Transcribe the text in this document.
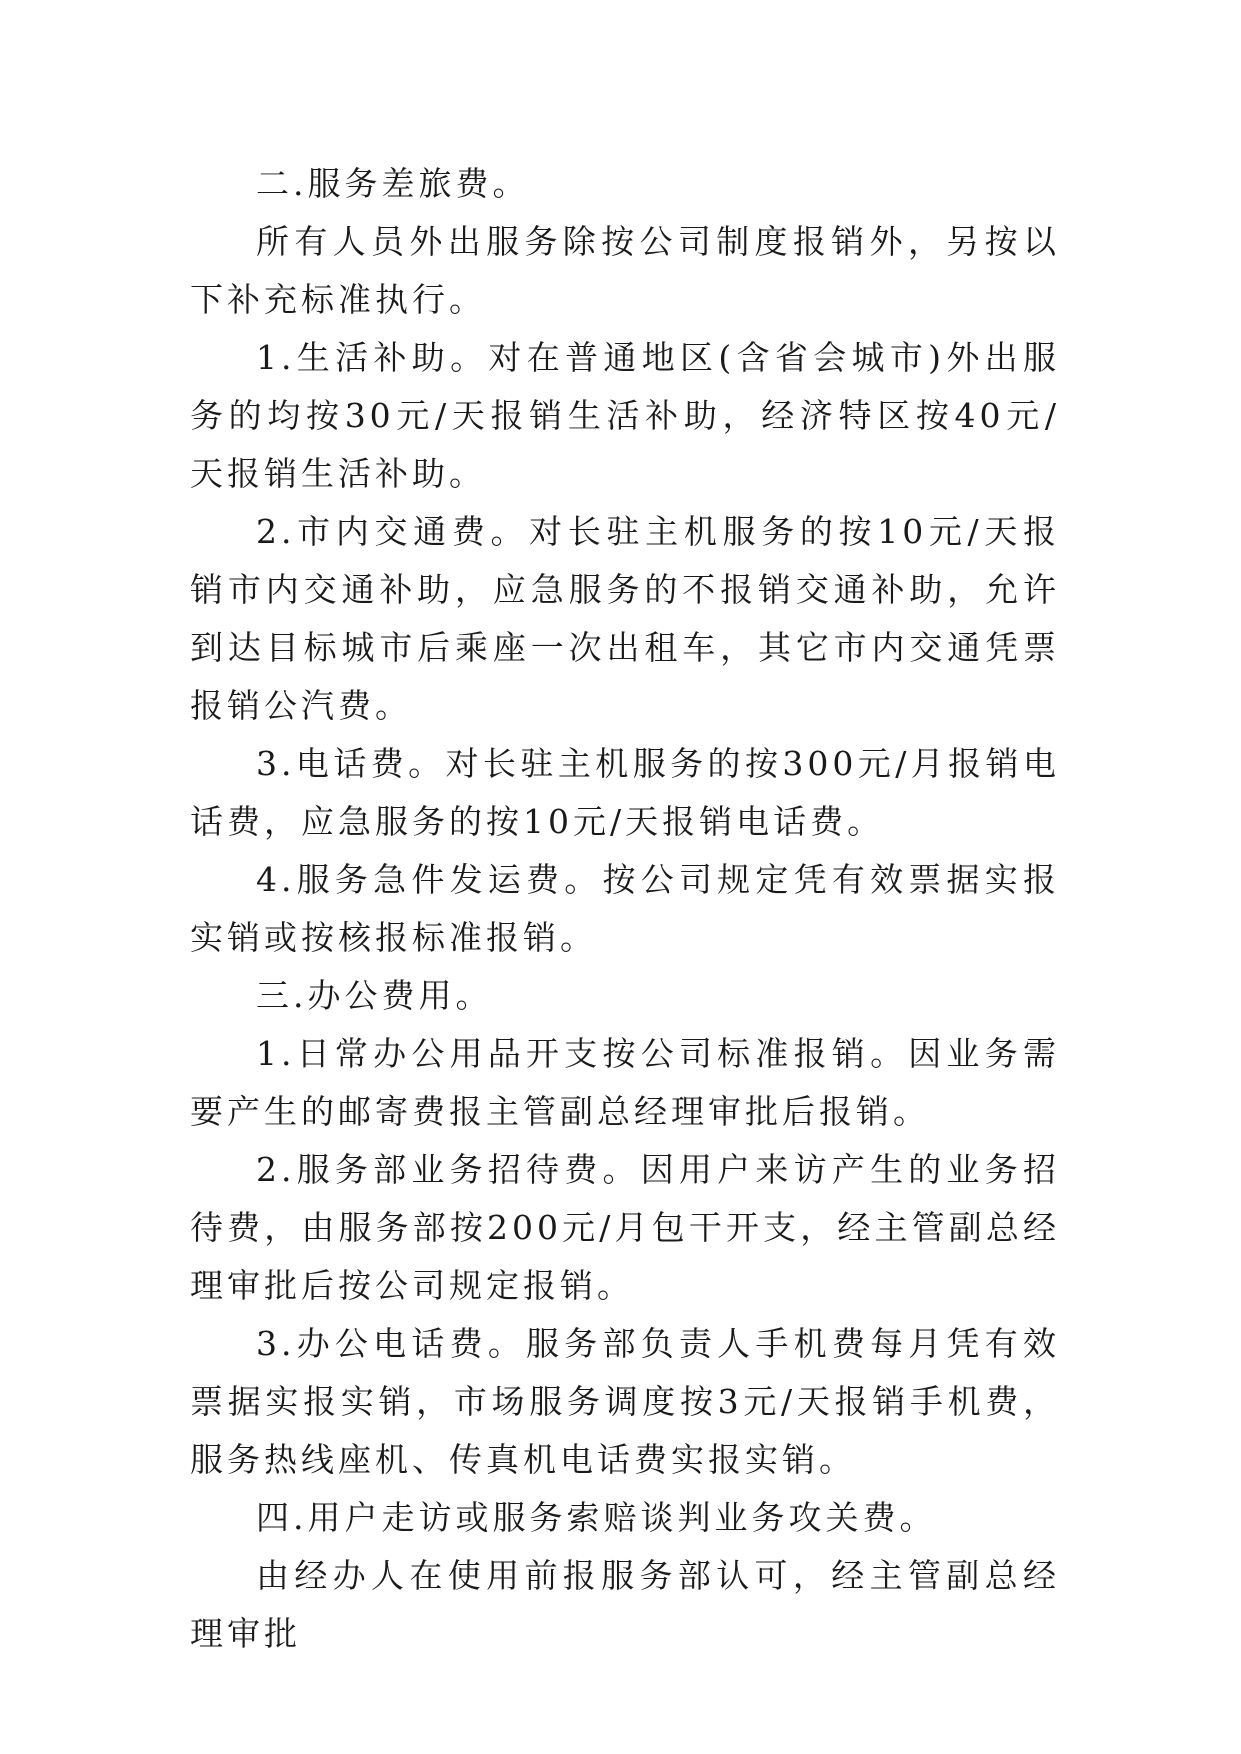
二.服务差旅费。

所有人员外出服务除按公司制度报销外，另按以下补充标准执行。

1.生活补助。对在普通地区(含省会城市)外出服务的均按30元/天报销生活补助，经济特区按40元/天报销生活补助。

2.市内交通费。对长驻主机服务的按10元/天报销市内交通补助，应急服务的不报销交通补助，允许到达目标城市后乘座一次出租车，其它市内交通凭票报销公汽费。

3.电话费。对长驻主机服务的按300元/月报销电话费，应急服务的按10元/天报销电话费。

4.服务急件发运费。按公司规定凭有效票据实报实销或按核报标准报销。

三.办公费用。

1.日常办公用品开支按公司标准报销。因业务需要产生的邮寄费报主管副总经理审批后报销。

2.服务部业务招待费。因用户来访产生的业务招待费，由服务部按200元/月包干开支，经主管副总经理审批后按公司规定报销。

3.办公电话费。服务部负责人手机费每月凭有效票据实报实销，市场服务调度按3元/天报销手机费，服务热线座机、传真机电话费实报实销。

四.用户走访或服务索赔谈判业务攻关费。

由经办人在使用前报服务部认可，经主管副总经理审批
